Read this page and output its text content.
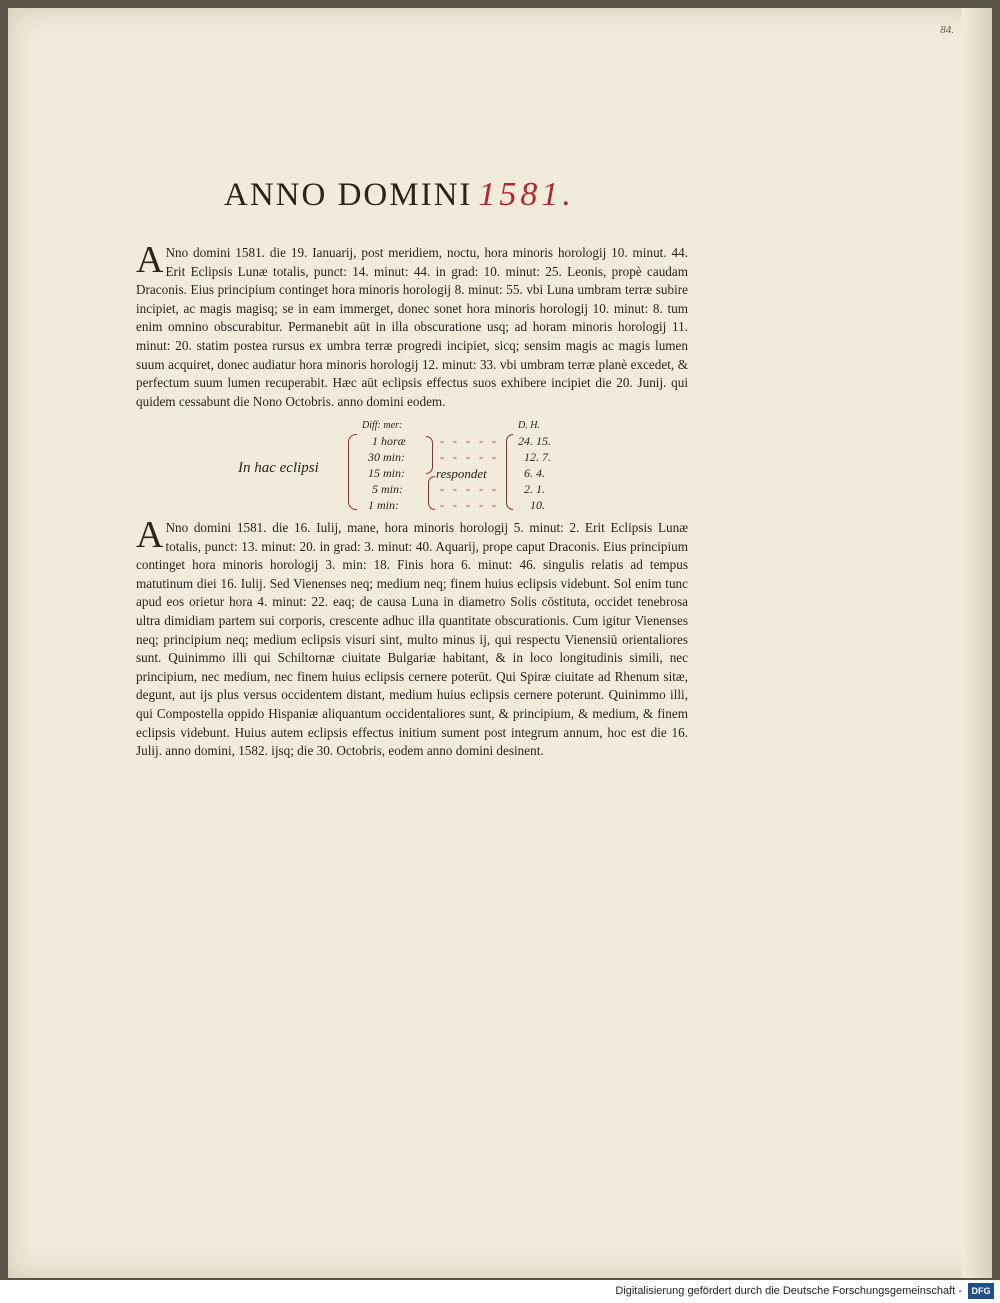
84.
ANNO DOMINI 1581.
A Nno domini 1581. die 19. Ianuarij, post meridiem, noctu, hora minoris horologij 10. minut. 44. Erit Eclipsis Lunæ totalis, punct: 14. minut: 44. in grad: 10. minut: 25. Leonis, propè caudam Draconis. Eius principium continget hora minoris horologij 8. minut: 55. vbi Luna umbram terræ subire incipiet, ac magis magisq; se in eam immerget, donec sonet hora minoris horologij 10. minut: 8. tum enim omnino obscurabitur. Permanebit aūt in illa obscuratione usq; ad horam minoris horologij 11. minut: 20. statim postea rursus ex umbra terræ progredi incipiet, sicq; sensim magis ac magis lumen suum acquiret, donec audiatur hora minoris horologij 12. minut: 33. vbi umbram terræ planè excedet, & perfectum suum lumen recuperabit. Hæc aūt eclipsis effectus suos exhibere incipiet die 20. Junij. qui quidem cessabunt die Nono Octobris. anno domini eodem.
In hac eclipsi
Diff: mer:	D. H.
1 horæ
30 min:
15 min:
5 min:
1 min:
respondet
- - - - -
- - - - -
- - - - -
- - - - -
24. 15.
12. 7.
6. 4.
2. 1.
10.
A Nno domini 1581. die 16. Iulij, mane, hora minoris horologij 5. minut: 2. Erit Eclipsis Lunæ totalis, punct: 13. minut: 20. in grad: 3. minut: 40. Aquarij, prope caput Draconis. Eius principium continget hora minoris horologij 3. min: 18. Finis hora 6. minut: 46. singulis relatis ad tempus matutinum diei 16. Iulij. Sed Vienenses neq; medium neq; finem huius eclipsis videbunt. Sol enim tunc apud eos orietur hora 4. minut: 22. eaq; de causa Luna in diametro Solis cōstituta, occidet tenebrosa ultra dimidiam partem sui corporis, crescente adhuc illa quantitate obscurationis. Cum igitur Vienenses neq; principium neq; medium eclipsis visuri sint, multo minus ij, qui respectu Vienensiū orientaliores sunt. Quinimmo illi qui Schiltornæ ciuitate Bulgariæ habitant, & in loco longitudinis simili, nec principium, nec medium, nec finem huius eclipsis cernere poterūt. Qui Spiræ ciuitate ad Rhenum sitæ, degunt, aut ijs plus versus occidentem distant, medium huius eclipsis cernere poterunt. Quinimmo illi, qui Compostella oppido Hispaniæ aliquantum occidentaliores sunt, & principium, & medium, & finem eclipsis videbunt. Huius autem eclipsis effectus initium sument post integrum annum, hoc est die 16. Julij. anno domini, 1582. ijsq; die 30. Octobris, eodem anno domini desinent.
Digitalisierung gefördert durch die Deutsche Forschungsgemeinschaft -	DFG
